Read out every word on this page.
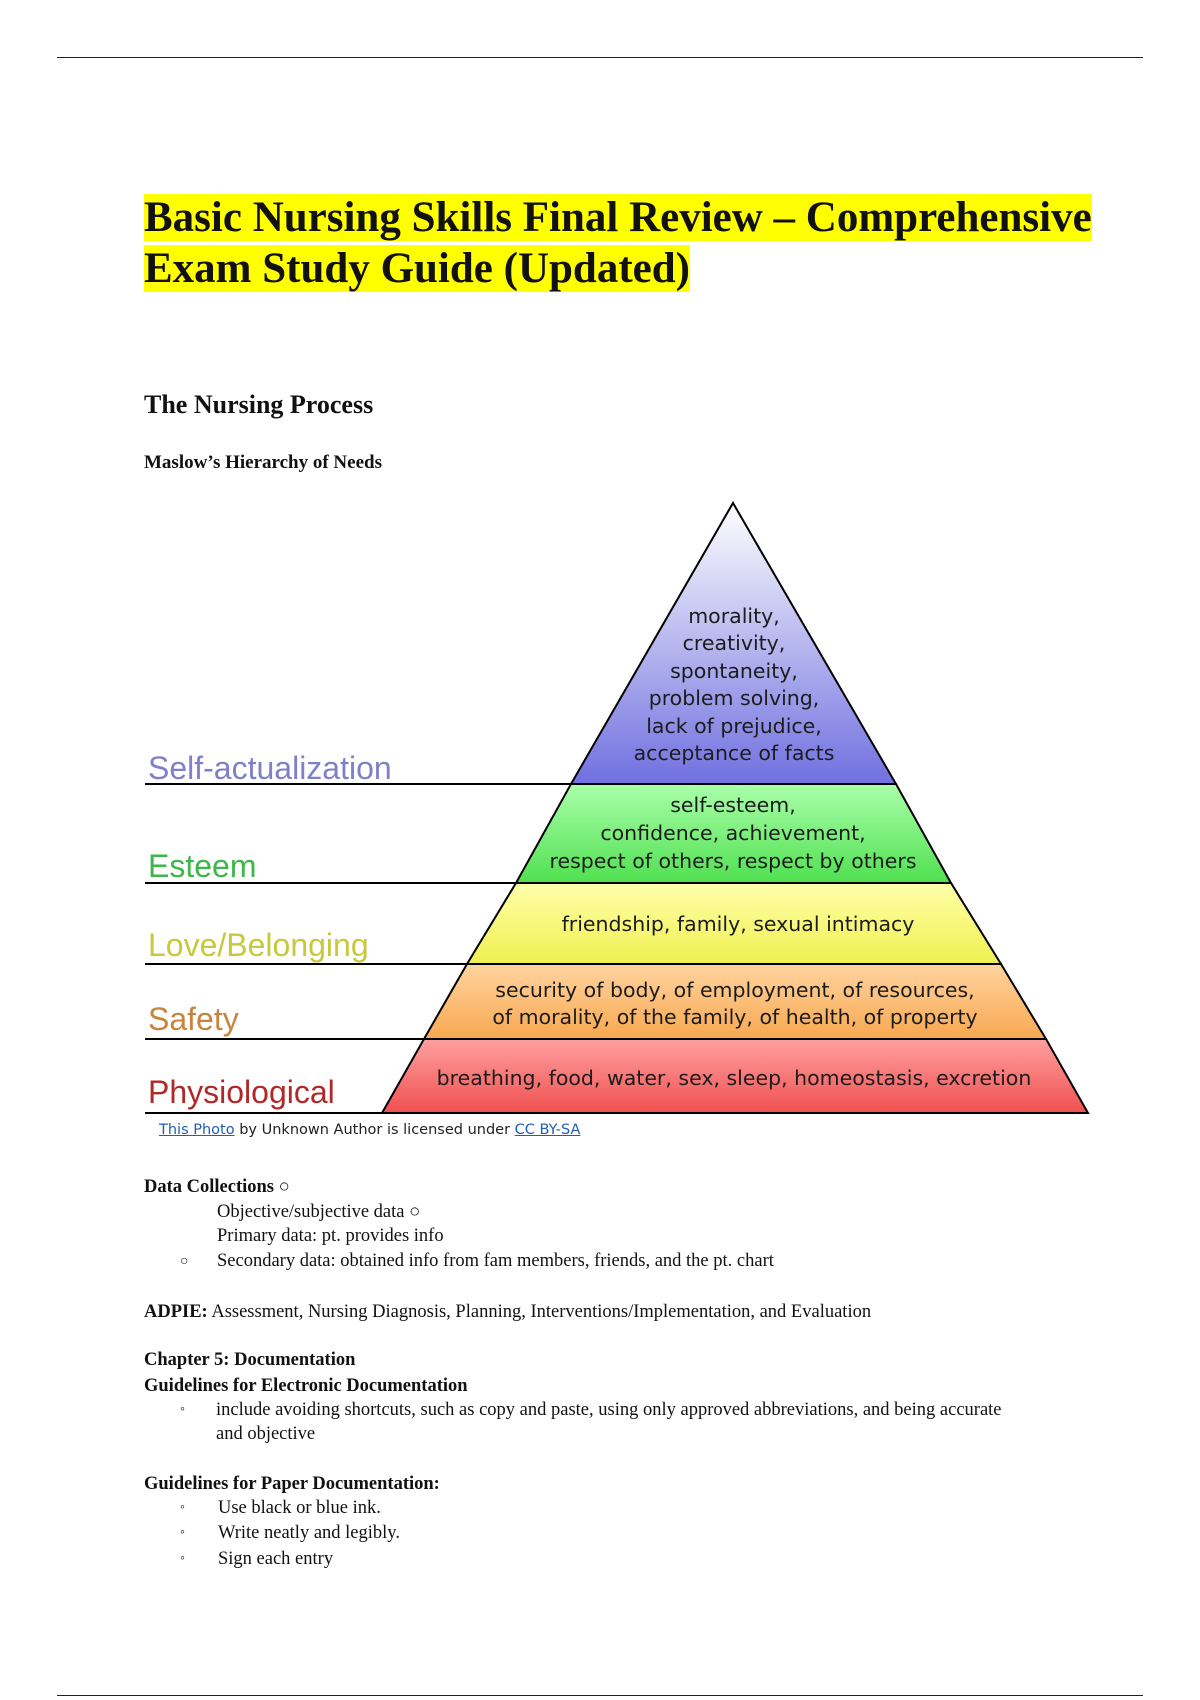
Basic Nursing Skills Final Review – Comprehensive Exam Study Guide (Updated)
The Nursing Process
Maslow’s Hierarchy of Needs
Self-actualization
Esteem
Love/Belonging
Safety
Physiological
morality,
creativity,
spontaneity,
problem solving,
lack of prejudice,
acceptance of facts
self-esteem,
confidence, achievement,
respect of others, respect by others
friendship, family, sexual intimacy
security of body, of employment, of resources,
of morality, of the family, of health, of property
breathing, food, water, sex, sleep, homeostasis, excretion
This Photo by Unknown Author is licensed under CC BY-SA
Data Collections ○
Objective/subjective data ○
Primary data: pt. provides info
○ Secondary data: obtained info from fam members, friends, and the pt. chart
ADPIE: Assessment, Nursing Diagnosis, Planning, Interventions/Implementation, and Evaluation
Chapter 5: Documentation
Guidelines for Electronic Documentation
◦ include avoiding shortcuts, such as copy and paste, using only approved abbreviations, and being accurate
and objective
Guidelines for Paper Documentation:
◦ Use black or blue ink.
◦ Write neatly and legibly.
◦ Sign each entry
